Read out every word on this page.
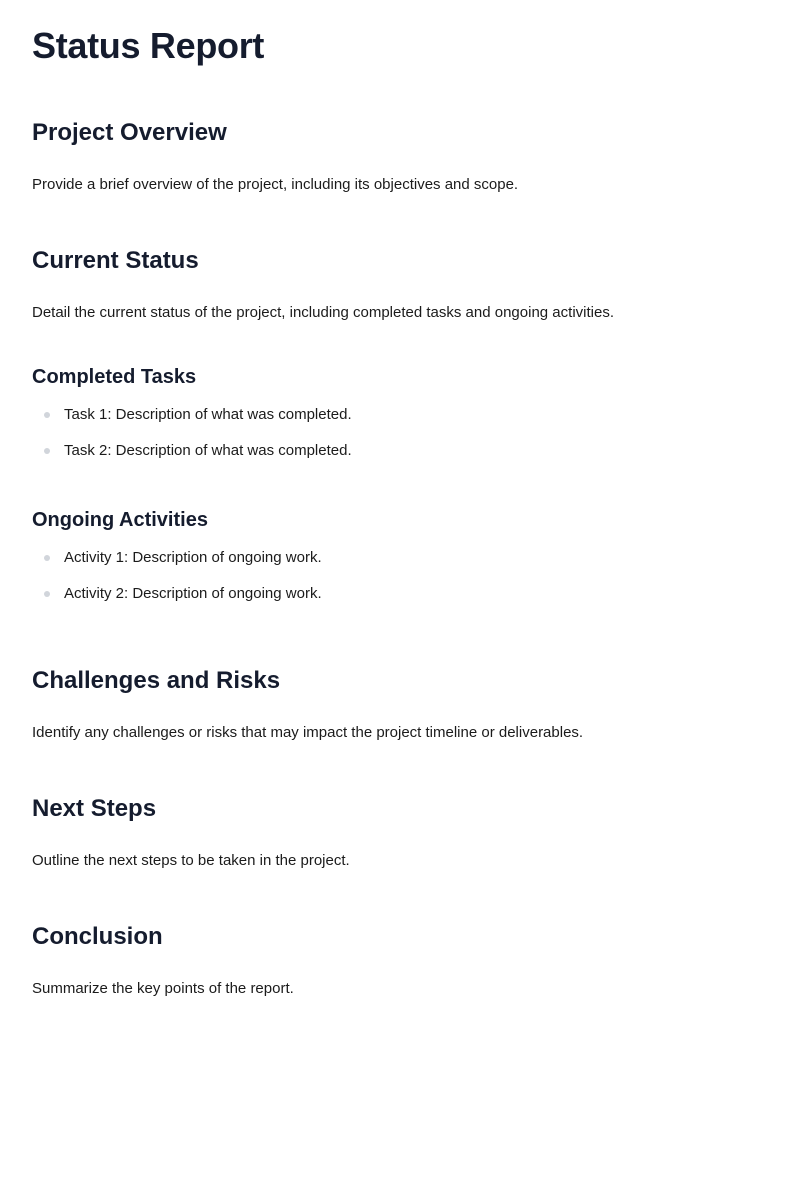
Status Report
Project Overview

Provide a brief overview of the project, including its objectives and scope.

Current Status

Detail the current status of the project, including completed tasks and ongoing activities.

Completed Tasks
Task 1: Description of what was completed.
Task 2: Description of what was completed.
Ongoing Activities
Activity 1: Description of ongoing work.
Activity 2: Description of ongoing work.
Challenges and Risks

Identify any challenges or risks that may impact the project timeline or deliverables.

Next Steps

Outline the next steps to be taken in the project.

Conclusion

Summarize the key points of the report.
